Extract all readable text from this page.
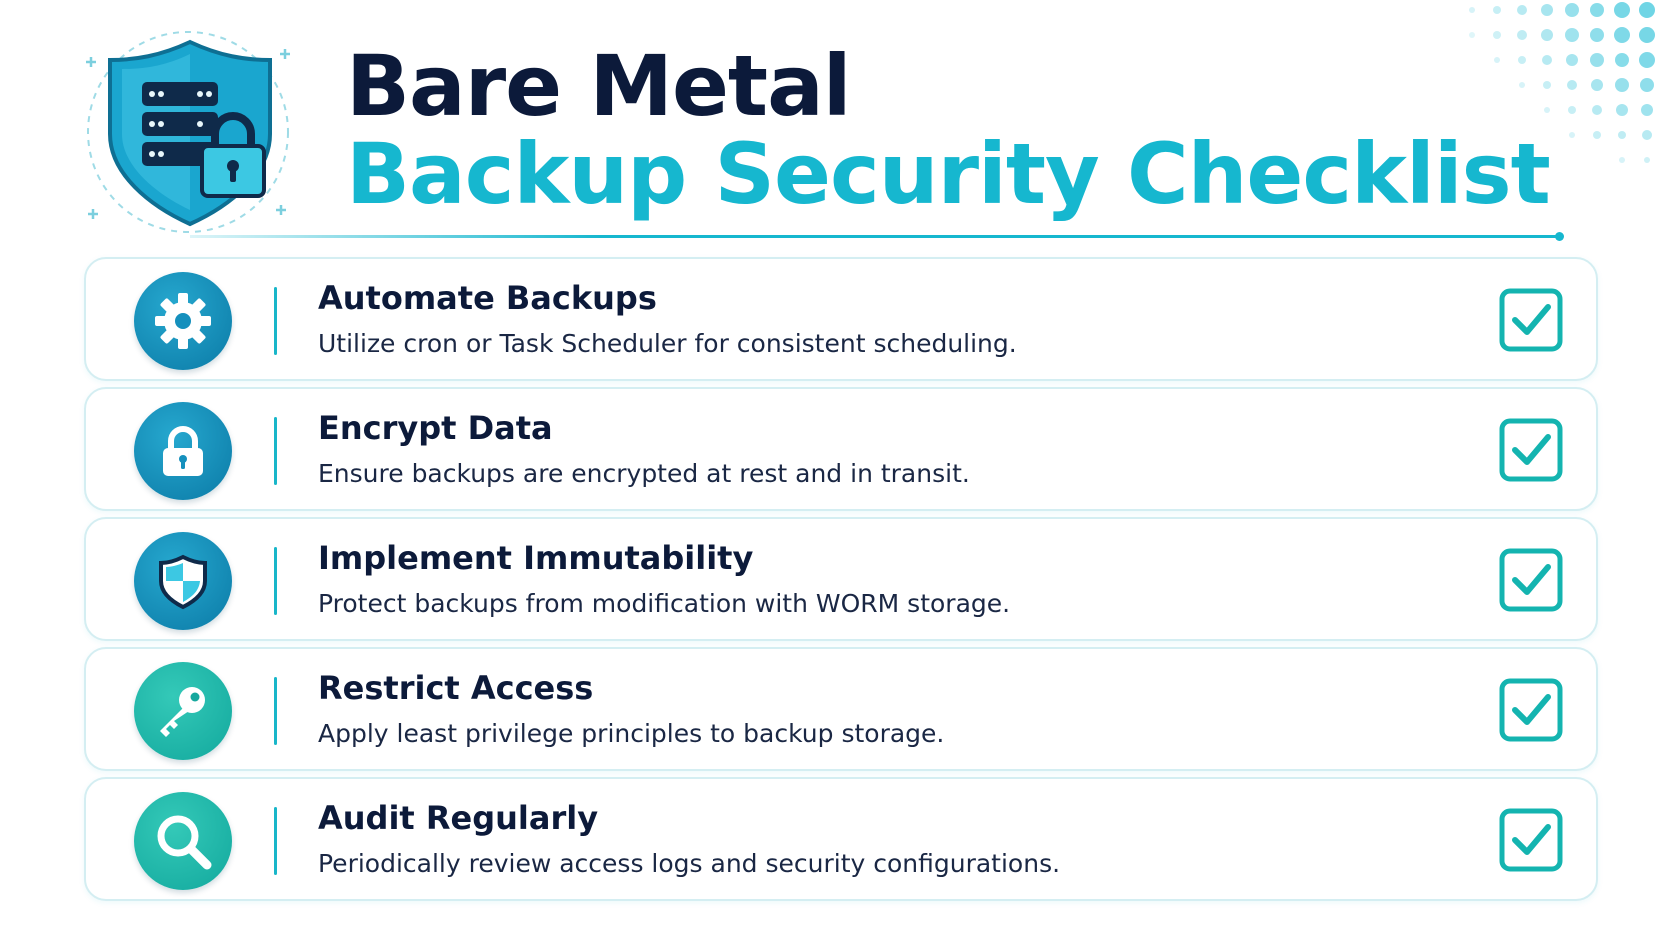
Bare Metal
Backup Security Checklist
Automate Backups
Utilize cron or Task Scheduler for consistent scheduling.
Encrypt Data
Ensure backups are encrypted at rest and in transit.
Implement Immutability
Protect backups from modification with WORM storage.
Restrict Access
Apply least privilege principles to backup storage.
Audit Regularly
Periodically review access logs and security configurations.
